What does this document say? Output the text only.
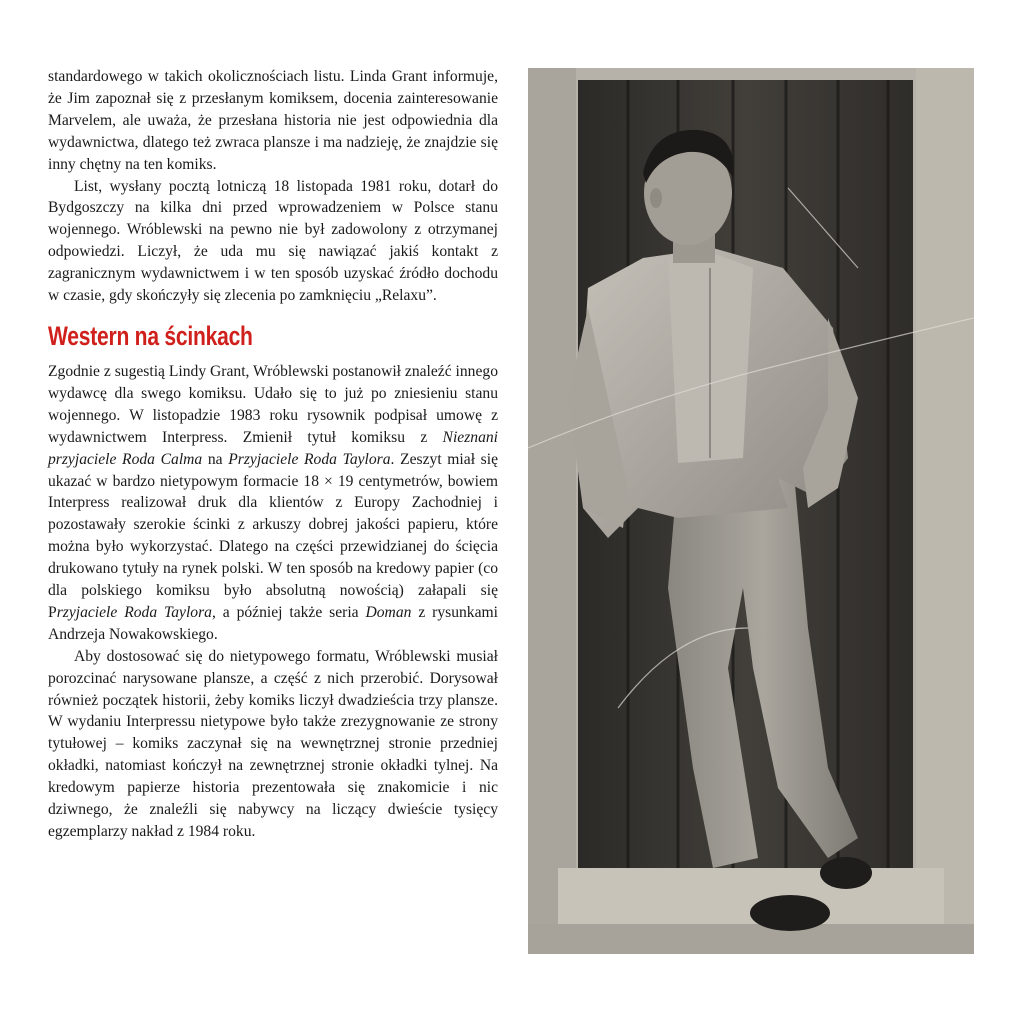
standardowego w takich okolicznościach listu. Linda Grant informuje, że Jim zapoznał się z przesłanym komiksem, docenia zainteresowanie Marvelem, ale uważa, że przesłana historia nie jest odpowiednia dla wydawnictwa, dlatego też zwraca plansze i ma nadzieję, że znajdzie się inny chętny na ten komiks.

List, wysłany pocztą lotniczą 18 listopada 1981 roku, dotarł do Bydgoszczy na kilka dni przed wprowadzeniem w Polsce stanu wojennego. Wróblewski na pewno nie był zadowolony z otrzymanej odpowiedzi. Liczył, że uda mu się nawiązać jakiś kontakt z zagranicznym wydawnictwem i w ten sposób uzyskać źródło dochodu w czasie, gdy skończyły się zlecenia po zamknięciu „Relaxu”.

Western na ścinkach

Zgodnie z sugestią Lindy Grant, Wróblewski postanowił znaleźć innego wydawcę dla swego komiksu. Udało się to już po zniesieniu stanu wojennego. W listopadzie 1983 roku rysownik podpisał umowę z wydawnictwem Interpress. Zmienił tytuł komiksu z Nieznani przyjaciele Roda Calma na Przyjaciele Roda Taylora. Zeszyt miał się ukazać w bardzo nietypowym formacie 18 × 19 centymetrów, bowiem Interpress realizował druk dla klientów z Europy Zachodniej i pozostawały szerokie ścinki z arkuszy dobrej jakości papieru, które można było wykorzystać. Dlatego na części przewidzianej do ścięcia drukowano tytuły na rynek polski. W ten sposób na kredowy papier (co dla polskiego komiksu było absolutną nowością) załapali się Przyjaciele Roda Taylora, a później także seria Doman z rysunkami Andrzeja Nowakowskiego.

Aby dostosować się do nietypowego formatu, Wróblewski musiał porozcinać narysowane plansze, a część z nich przerobić. Dorysował również początek historii, żeby komiks liczył dwadzieścia trzy plansze. W wydaniu Interpressu nietypowe było także zrezygnowanie ze strony tytułowej – komiks zaczynał się na wewnętrznej stronie przedniej okładki, natomiast kończył na zewnętrznej stronie okładki tylnej. Na kredowym papierze historia prezentowała się znakomicie i nic dziwnego, że znaleźli się nabywcy na liczący dwieście tysięcy egzemplarzy nakład z 1984 roku.
